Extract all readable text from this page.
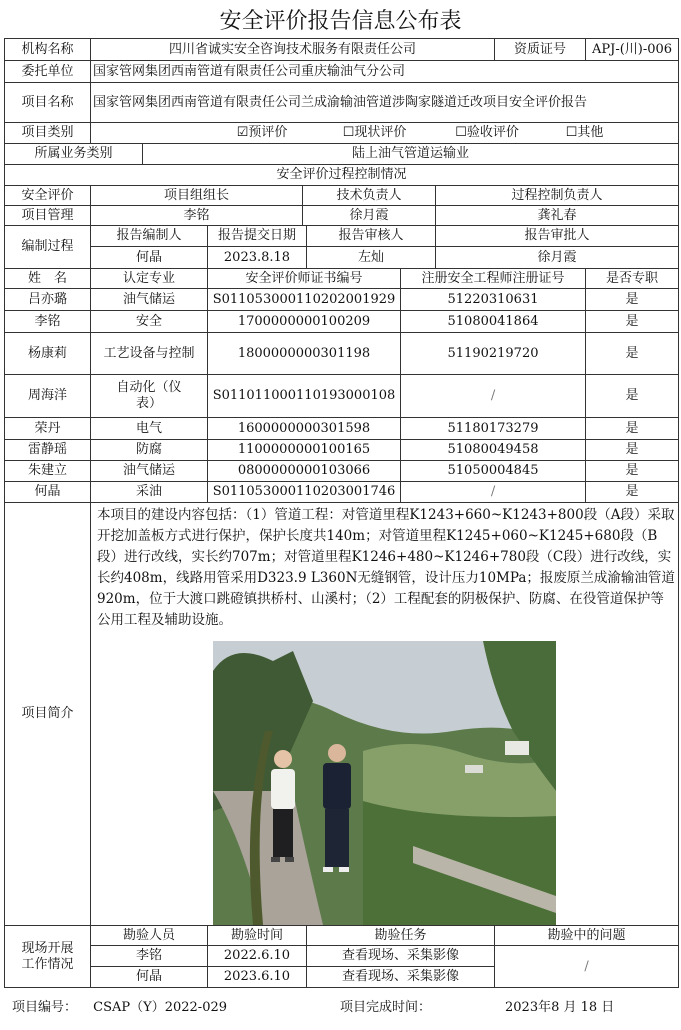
安全评价报告信息公布表
机构名称	四川省诚实安全咨询技术服务有限责任公司							资质证号	APJ-(川)-006
委托单位	国家管网集团西南管道有限责任公司重庆输油气分公司								
项目名称	国家管网集团西南管道有限责任公司兰成渝输油管道涉陶家隧道迁改项目安全评价报告								
项目类别	☑预评价 ☐现状评价 ☐验收评价 ☐其他								
所属业务类别		陆上油气管道运输业							
安全评价过程控制情况									
安全评价	项目组组长			技术负责人			过程控制负责人		
项目管理	李铭			徐月霞			龚礼春		
编制过程	报告编制人		报告提交日期		报告审核人		报告审批人		
	何晶		2023.8.18		左灿		徐月霞		
姓　名	认定专业		安全评价师证书编号			注册安全工程师注册证号			是否专职
吕亦璐	油气储运		S011053000110202001929			51220310631			是
李铭	安全		1700000000100209			51080041864			是
杨康莉	工艺设备与控制		1800000000301198			51190219720			是
周海洋	自动化（仪表）		S011011000110193000108			/			是
荣丹	电气		1600000000301598			51180173279			是
雷静瑶	防腐		1100000000100165			51080049458			是
朱建立	油气储运		0800000000103066			51050004845			是
何晶	采油		S011053000110203001746			/			是
项目简介	本项目的建设内容包括：（1）管道工程：对管道里程K1243+660~K1243+800段（A段）采取开挖加盖板方式进行保护，保护长度共140m；对管道里程K1245+060~K1245+680段（B段）进行改线，实长约707m；对管道里程K1246+480~K1246+780段（C段）进行改线，实长约408m，线路用管采用D323.9 L360N无缝钢管，设计压力10MPa；报废原兰成渝输油管道920m，位于大渡口跳磴镇拱桥村、山溪村；（2）工程配套的阴极保护、防腐、在役管道保护等公用工程及辅助设施。								

现场开展
工作情况	勘验人员		勘验时间		勘验任务			勘验中的问题	
	李铭		2022.6.10		查看现场、采集影像			/	
	何晶		2023.6.10		查看现场、采集影像				
项目编号： CSAP（Y）2022-029	项目完成时间：	2023年8 月 18 日
